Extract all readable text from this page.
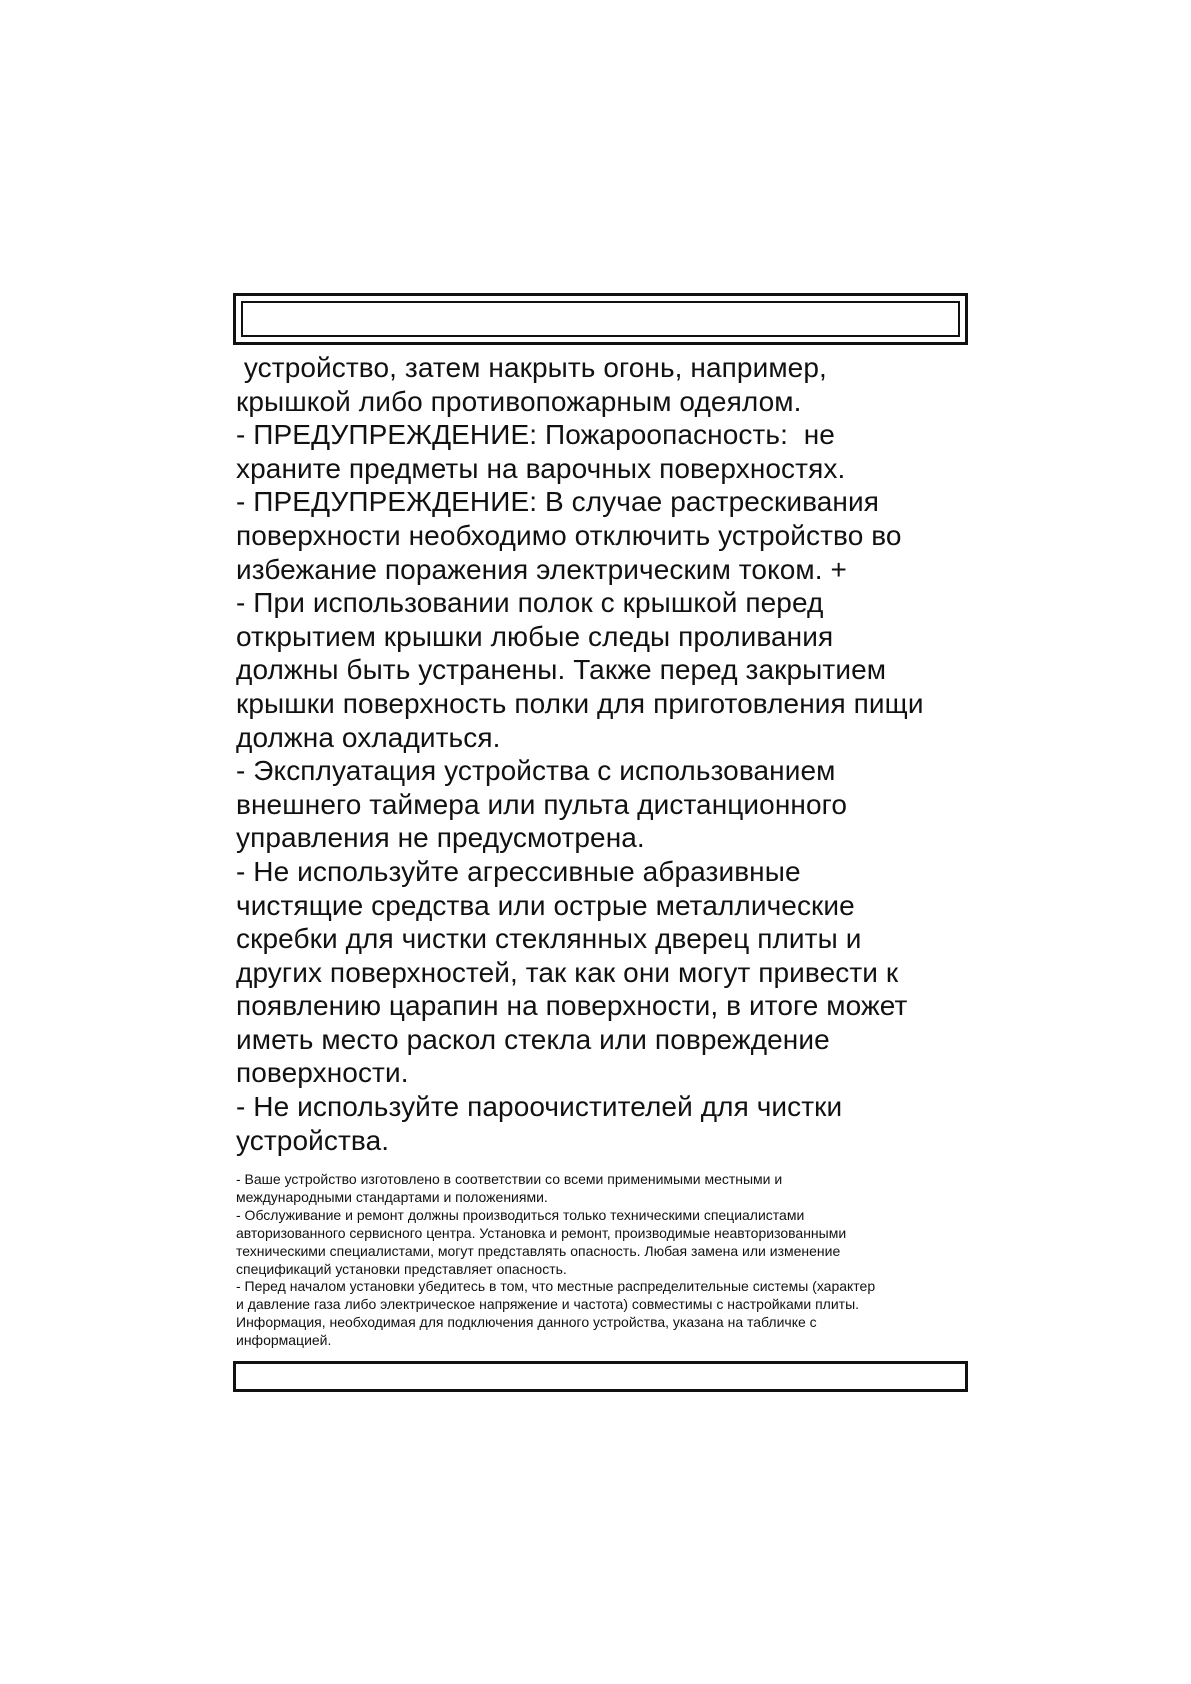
устройство, затем накрыть огонь, например,
крышкой либо противопожарным одеялом.
- ПРЕДУПРЕЖДЕНИЕ: Пожароопасность:  не
храните предметы на варочных поверхностях.
- ПРЕДУПРЕЖДЕНИЕ: В случае растрескивания
поверхности необходимо отключить устройство во
избежание поражения электрическим током. +
- При использовании полок с крышкой перед
открытием крышки любые следы проливания
должны быть устранены. Также перед закрытием
крышки поверхность полки для приготовления пищи
должна охладиться.
- Эксплуатация устройства с использованием
внешнего таймера или пульта дистанционного
управления не предусмотрена.
- Не используйте агрессивные абразивные
чистящие средства или острые металлические
скребки для чистки стеклянных дверец плиты и
других поверхностей, так как они могут привести к
появлению царапин на поверхности, в итоге может
иметь место раскол стекла или повреждение
поверхности.
- Не используйте пароочистителей для чистки
устройства.
- Ваше устройство изготовлено в соответствии со всеми применимыми местными и
международными стандартами и положениями.
- Обслуживание и ремонт должны производиться только техническими специалистами
авторизованного сервисного центра. Установка и ремонт, производимые неавторизованными
техническими специалистами, могут представлять опасность. Любая замена или изменение
спецификаций установки представляет опасность.
- Перед началом установки убедитесь в том, что местные распределительные системы (характер
и давление газа либо электрическое напряжение и частота) совместимы с настройками плиты.
Информация, необходимая для подключения данного устройства, указана на табличке с
информацией.
